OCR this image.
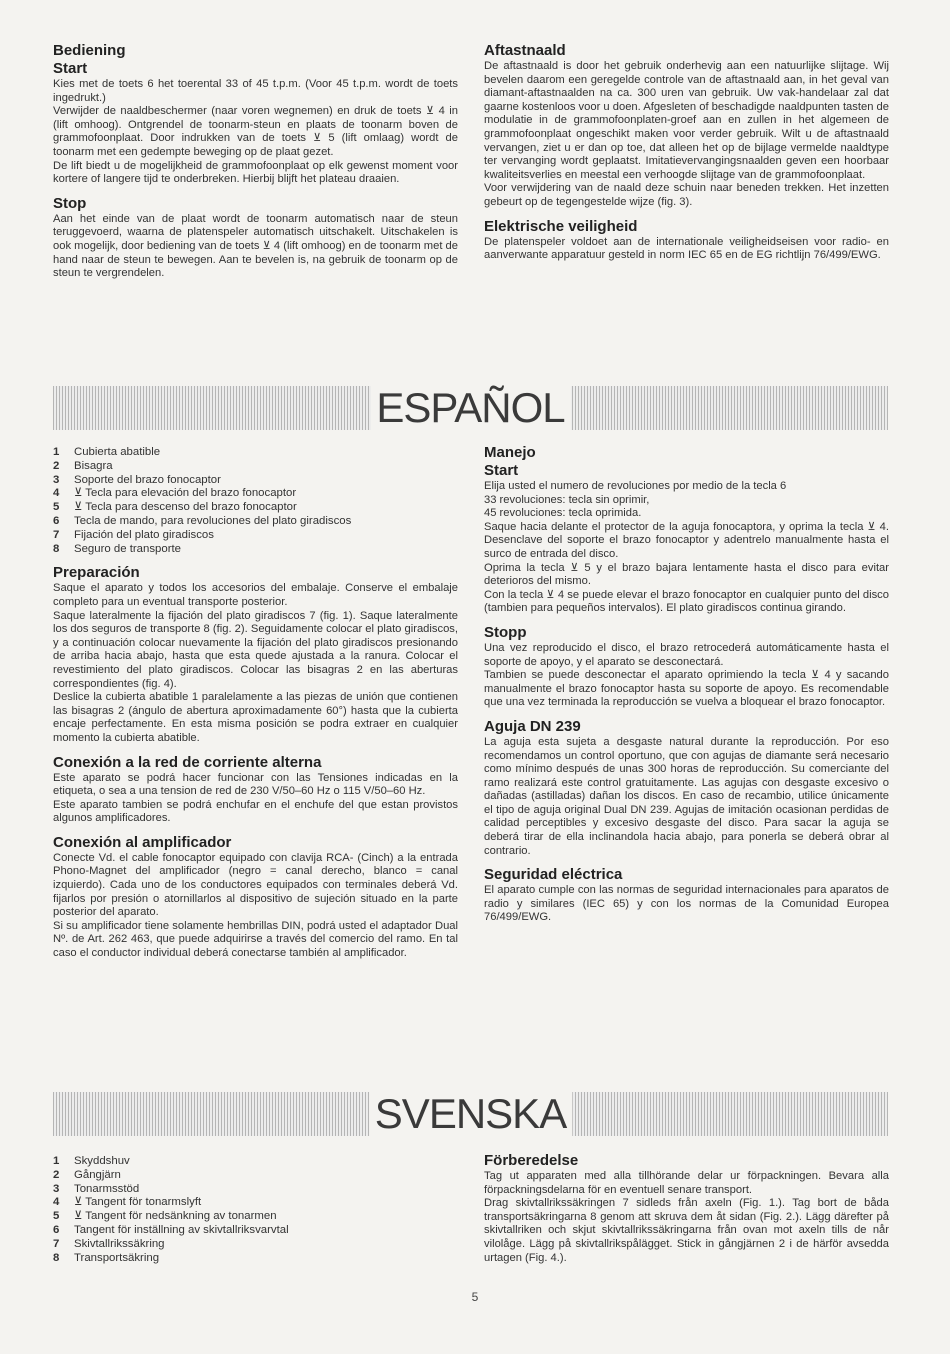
Bediening
Start

Kies met de toets 6 het toerental 33 of 45 t.p.m. (Voor 45 t.p.m. wordt de toets ingedrukt.)

Verwijder de naaldbeschermer (naar voren wegnemen) en druk de toets ⊻ 4 in (lift omhoog). Ontgrendel de toonarm-steun en plaats de toonarm boven de grammofoonplaat. Door indrukken van de toets ⊻ 5 (lift omlaag) wordt de toonarm met een gedempte beweging op de plaat gezet.

De lift biedt u de mogelijkheid de grammofoonplaat op elk gewenst moment voor kortere of langere tijd te onderbreken. Hierbij blijft het plateau draaien.

Stop

Aan het einde van de plaat wordt de toonarm automatisch naar de steun teruggevoerd, waarna de platenspeler automatisch uitschakelt. Uitschakelen is ook mogelijk, door bediening van de toets ⊻ 4 (lift omhoog) en de toonarm met de hand naar de steun te bewegen. Aan te bevelen is, na gebruik de toonarm op de steun te vergrendelen.

Aftastnaald

De aftastnaald is door het gebruik onderhevig aan een natuurlijke slijtage. Wij bevelen daarom een geregelde controle van de aftastnaald aan, in het geval van diamant-aftastnaalden na ca. 300 uren van gebruik. Uw vak-handelaar zal dat gaarne kostenloos voor u doen. Afgesleten of beschadigde naaldpunten tasten de modulatie in de grammofoonplaten-groef aan en zullen in het algemeen de grammofoonplaat ongeschikt maken voor verder gebruik. Wilt u de aftastnaald vervangen, ziet u er dan op toe, dat alleen het op de bijlage vermelde naaldtype ter vervanging wordt geplaatst. Imitatievervangingsnaalden geven een hoorbaar kwaliteitsverlies en meestal een verhoogde slijtage van de grammofoonplaat.

Voor verwijdering van de naald deze schuin naar beneden trekken. Het inzetten gebeurt op de tegengestelde wijze (fig. 3).

Elektrische veiligheid

De platenspeler voldoet aan de internationale veiligheidseisen voor radio- en aanverwante apparatuur gesteld in norm IEC 65 en de EG richtlijn 76/499/EWG.

ESPAÑOL
1	Cubierta abatible
2	Bisagra
3	Soporte del brazo fonocaptor
4	⊻ Tecla para elevación del brazo fonocaptor
5	⊻ Tecla para descenso del brazo fonocaptor
6	Tecla de mando, para revoluciones del plato giradiscos
7	Fijación del plato giradiscos
8	Seguro de transporte
Preparación

Saque el aparato y todos los accesorios del embalaje. Conserve el embalaje completo para un eventual transporte posterior.

Saque lateralmente la fijación del plato giradiscos 7 (fig. 1). Saque lateralmente los dos seguros de transporte 8 (fig. 2). Seguidamente colocar el plato giradiscos, y a continuación colocar nuevamente la fijación del plato giradiscos presionando de arriba hacia abajo, hasta que esta quede ajustada a la ranura. Colocar el revestimiento del plato giradiscos. Colocar las bisagras 2 en las aberturas correspondientes (fig. 4).

Deslice la cubierta abatible 1 paralelamente a las piezas de unión que contienen las bisagras 2 (ángulo de abertura aproximadamente 60°) hasta que la cubierta encaje perfectamente. En esta misma posición se podra extraer en cualquier momento la cubierta abatible.

Conexión a la red de corriente alterna

Este aparato se podrá hacer funcionar con las Tensiones indicadas en la etiqueta, o sea a una tension de red de 230 V/50–60 Hz o 115 V/50–60 Hz.

Este aparato tambien se podrá enchufar en el enchufe del que estan provistos algunos amplificadores.

Conexión al amplificador

Conecte Vd. el cable fonocaptor equipado con clavija RCA- (Cinch) a la entrada Phono-Magnet del amplificador (negro = canal derecho, blanco = canal izquierdo). Cada uno de los conductores equipados con terminales deberá Vd. fijarlos por presión o atornillarlos al dispositivo de sujeción situado en la parte posterior del aparato.

Si su amplificador tiene solamente hembrillas DIN, podrá usted el adaptador Dual Nº. de Art. 262 463, que puede adquirirse a través del comercio del ramo. En tal caso el conductor individual deberá conectarse también al amplificador.

Manejo
Start

Elija usted el numero de revoluciones por medio de la tecla 6

33 revoluciones: tecla sin oprimir,

45 revoluciones: tecla oprimida.

Saque hacia delante el protector de la aguja fonocaptora, y oprima la tecla ⊻ 4. Desenclave del soporte el brazo fonocaptor y adentrelo manualmente hasta el surco de entrada del disco.

Oprima la tecla ⊻ 5 y el brazo bajara lentamente hasta el disco para evitar deterioros del mismo.

Con la tecla ⊻ 4 se puede elevar el brazo fonocaptor en cualquier punto del disco (tambien para pequeños intervalos). El plato giradiscos continua girando.

Stopp

Una vez reproducido el disco, el brazo retrocederá automáticamente hasta el soporte de apoyo, y el aparato se desconectará.

Tambien se puede desconectar el aparato oprimiendo la tecla ⊻ 4 y sacando manualmente el brazo fonocaptor hasta su soporte de apoyo. Es recomendable que una vez terminada la reproducción se vuelva a bloquear el brazo fonocaptor.

Aguja DN 239

La aguja esta sujeta a desgaste natural durante la reproducción. Por eso recomendamos un control oportuno, que con agujas de diamante será necesario como mínimo después de unas 300 horas de reproducción. Su comerciante del ramo realizará este control gratuitamente. Las agujas con desgaste excesivo o dañadas (astilladas) dañan los discos. En caso de recambio, utilice únicamente el tipo de aguja original Dual DN 239. Agujas de imitación ocasionan perdidas de calidad perceptibles y excesivo desgaste del disco. Para sacar la aguja se deberá tirar de ella inclinandola hacia abajo, para ponerla se deberá obrar al contrario.

Seguridad eléctrica

El aparato cumple con las normas de seguridad internacionales para aparatos de radio y similares (IEC 65) y con los normas de la Comunidad Europea 76/499/EWG.

SVENSKA
1	Skyddshuv
2	Gångjärn
3	Tonarmsstöd
4	⊻ Tangent för tonarmslyft
5	⊻ Tangent för nedsänkning av tonarmen
6	Tangent för inställning av skivtallriksvarvtal
7	Skivtallrikssäkring
8	Transportsäkring
Förberedelse

Tag ut apparaten med alla tillhörande delar ur förpackningen. Bevara alla förpackningsdelarna för en eventuell senare transport.

Drag skivtallrikssäkringen 7 sidleds från axeln (Fig. 1.). Tag bort de båda transportsäkringarna 8 genom att skruva dem åt sidan (Fig. 2.). Lägg därefter på skivtallriken och skjut skivtallrikssäkringarna från ovan mot axeln tills de når vilolåge. Lägg på skivtallrikspålägget. Stick in gångjärnen 2 i de härför avsedda urtagen (Fig. 4.).

5
